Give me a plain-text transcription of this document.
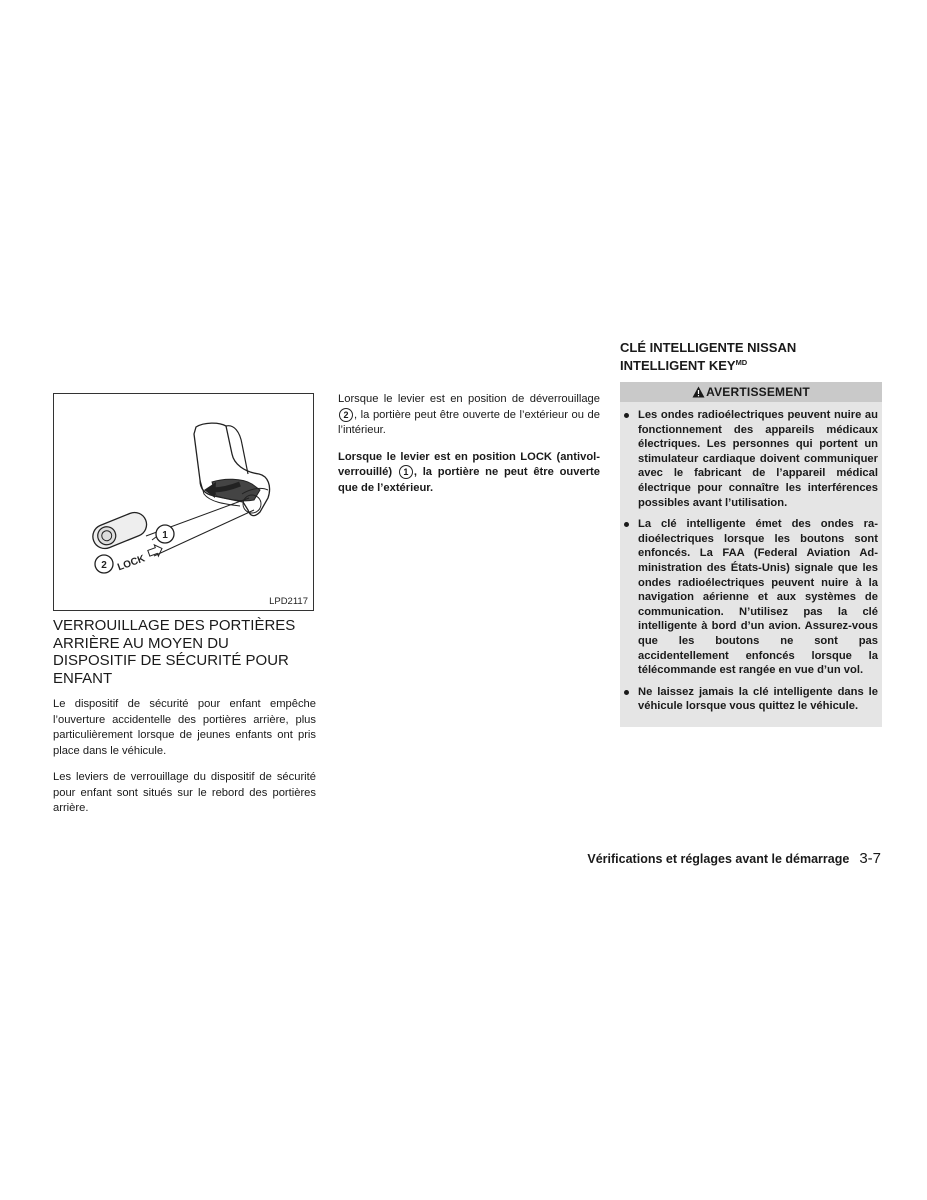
LOCK
1
2
LPD2117
VERROUILLAGE DES PORTIÈRES ARRIÈRE AU MOYEN DU DISPOSITIF DE SÉCURITÉ POUR ENFANT

Le dispositif de sécurité pour enfant empêche l’ouverture accidentelle des portières arrière, plus particulièrement lorsque de jeunes enfants ont pris place dans le véhicule.

Les leviers de verrouillage du dispositif de sécurité pour enfant sont situés sur le rebord des portières arrière.

Lorsque le levier est en position de déverrouillage 2 , la portière peut être ouverte de l’extérieur ou de l’intérieur.

Lorsque le levier est en position LOCK (antivol-verrouillé) 1 , la portière ne peut être ouverte que de l’extérieur.

CLÉ INTELLIGENTE NISSAN
INTELLIGENT $KEY^{MD}$
AVERTISSEMENT
Les ondes radioélectriques peuvent nuire au fonctionnement des appareils médicaux électriques. Les personnes qui portent un stimulateur cardiaque doivent communiquer avec le fabricant de l’appareil médical électrique pour connaître les interférences possibles avant l’utilisation.
La clé intelligente émet des ondes radioélectriques lorsque les boutons sont enfoncés. La FAA (Federal Aviation Administration des États-Unis) signale que les ondes radioélectriques peuvent nuire à la navigation aérienne et aux systèmes de communication. N’utilisez pas la clé intelligente à bord d’un avion. Assurez-vous que les boutons ne sont pas accidentellement enfoncés lorsque la télécommande est rangée en vue d’un vol.
Ne laissez jamais la clé intelligente dans le véhicule lorsque vous quittez le véhicule.
Vérifications et réglages avant le démarrage 3-7
